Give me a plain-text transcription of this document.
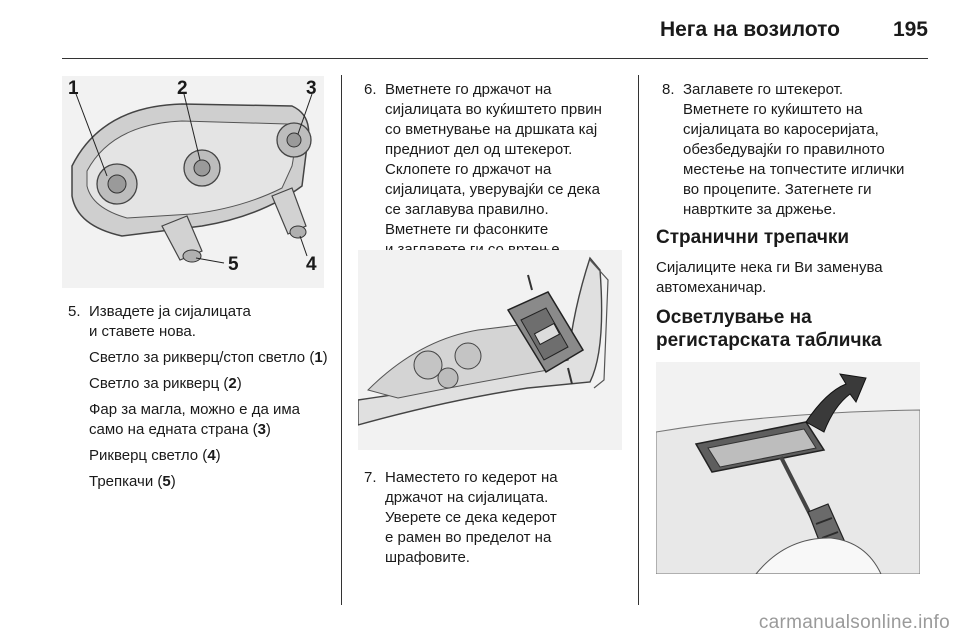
Нега на возилото	195
1	2	3
4
5
5. Извадете ја сијалицата

и ставете нова.

Светло за рикверц/стоп светло (1)

Светло за рикверц (2)

Фар за магла, можно е да има само на едната страна (3)

Рикверц светло (4)

Трепкачи (5)

6. Вметнете го држачот на

сијалицата во куќиштето првин

со вметнување на дршката кај

предниот дел од штекерот.

Склопете го држачот на

сијалицата, уверувајќи се дека

се заглавува правилно.

Вметнете ги фасонките

7. Наместето го кедерот на

држачот на сијалицата.

Уверете се дека кедерот

е рамен во пределот на

шрафовите.

8. Заглавете го штекерот.

Вметнете го куќиштето на

сијалицата во каросеријата,

обезбедувајќи го правилното

местење на топчестите иглички

во процепите. Затегнете ги

навртките за држење.

Странични трепачки
Сијалиците нека ги Ви заменува
автомеханичар.
Осветлување на
регистарската табличка
carmanualsonline.info
